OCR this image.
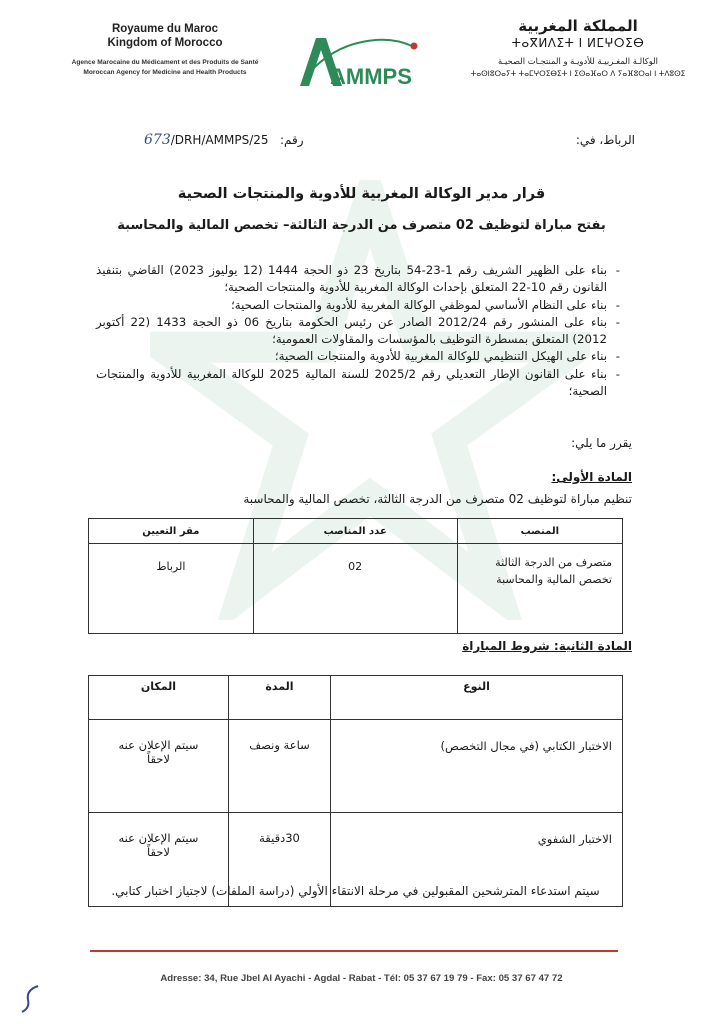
Royaume du Maroc
Kingdom of Morocco
Agence Marocaine du Médicament et des Produits de Santé
Moroccan Agency for Medicine and Health Products	AMMPS
المملكة المغربية
ⵜⴰⴳⵍⴷⵉⵜ ⵏ ⵍⵎⵖⵔⵉⴱ
الوكالـة المغـربيـة للأدويـة و المنتجـات الصحيـة
ⵜⴰⵙⵏⵓⵔⴰⵢⵜ ⵜⴰⵎⵖⵔⵉⴱⵉⵜ ⵏ ⵉⵙⴰⴼⴰⵔ ⴷ ⵢⴰⴼⵓⵔⴰⵏ ⵏ ⵜⴷⵓⵙⵉ
673/DRH/AMMPS/25 رقم:	الرباط، في:
قرار مدير الوكالة المغربية للأدوية والمنتجات الصحية
بفتح مباراة لتوظيف 02 متصرف من الدرجة الثالثة– تخصص المالية والمحاسبة
- بناء على الظهير الشريف رقم 1-23-54 بتاريخ 23 ذو الحجة 1444 (12 يوليوز 2023) القاضي بتنفيذ القانون رقم 10-22 المتعلق بإحداث الوكالة المغربية للأدوية والمنتجات الصحية؛
- بناء على النظام الأساسي لموظفي الوكالة المغربية للأدوية والمنتجات الصحية؛
- بناء على المنشور رقم 2012/24 الصادر عن رئيس الحكومة بتاريخ 06 ذو الحجة 1433 (22 أكتوبر 2012) المتعلق بمسطرة التوظيف بالمؤسسات والمقاولات العمومية؛
- بناء على الهيكل التنظيمي للوكالة المغربية للأدوية والمنتجات الصحية؛
- بناء على القانون الإطار التعديلي رقم 2025/2 للسنة المالية 2025 للوكالة المغربية للأدوية والمنتجات الصحية؛
يقرر ما يلي:
المادة الأولى:
تنظيم مباراة لتوظيف 02 متصرف من الدرجة الثالثة، تخصص المالية والمحاسبة
المنصب	عدد المناصب	مقر التعيين
متصرف من الدرجة الثالثة تخصص المالية والمحاسبة	02	الرباط
المادة الثانية: شروط المباراة
النوع	المدة	المكان
الاختبار الكتابي (في مجال التخصص)	ساعة ونصف	سيتم الإعلان عنه لاحقاً
الاختبار الشفوي	30دقيقة	سيتم الإعلان عنه لاحقاً
سيتم استدعاء المترشحين المقبولين في مرحلة الانتقاء الأولي (دراسة الملفات) لاجتياز اختبار كتابي.
Adresse: 34, Rue Jbel Al Ayachi - Agdal - Rabat - Tél: 05 37 67 19 79 - Fax: 05 37 67 47 72
